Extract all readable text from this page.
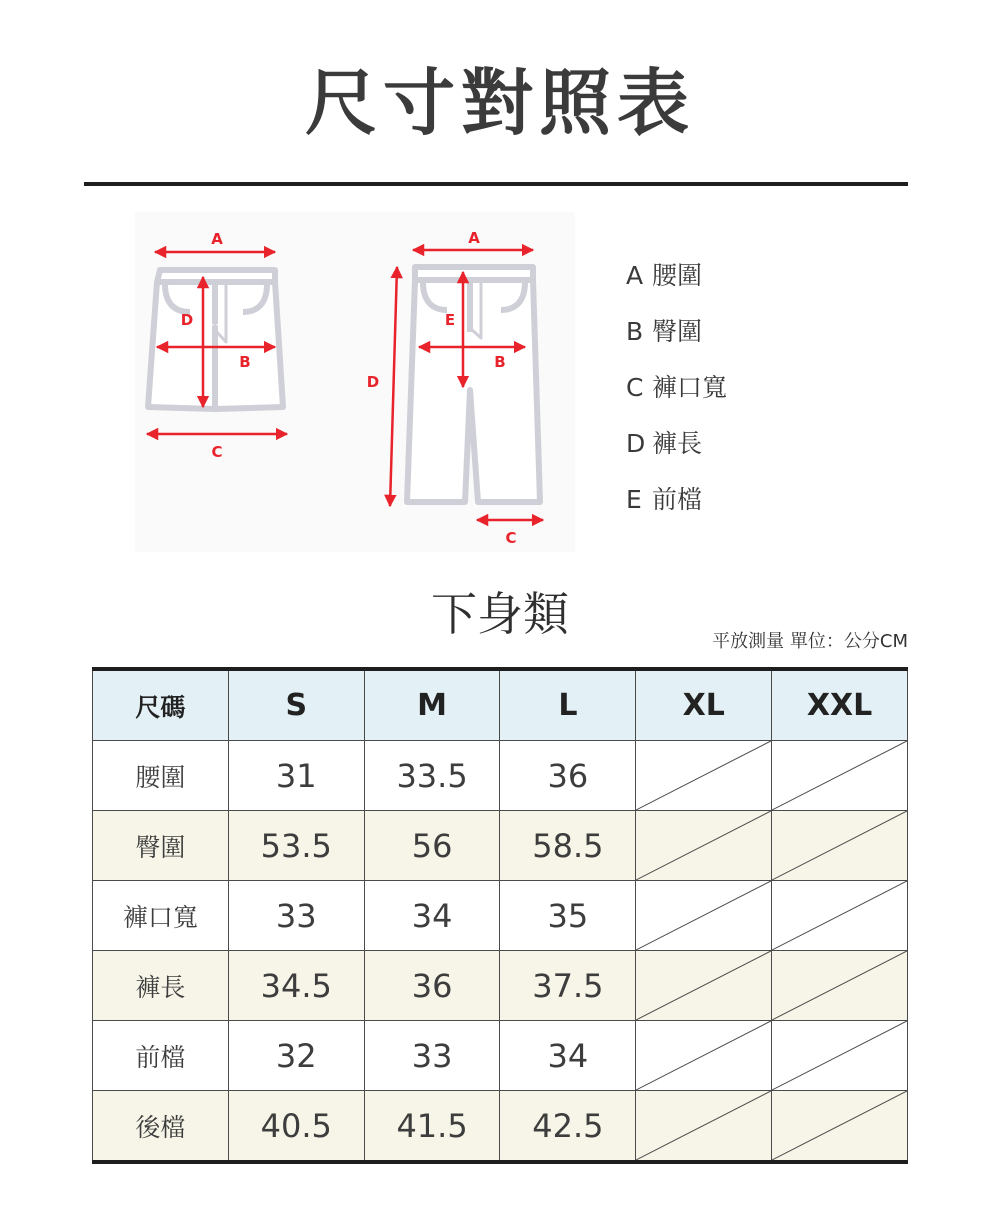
尺寸對照表
A
D
B
C
A
E
D
B
C
A 腰圍
B 臀圍
C 褲口寬
D 褲長
E 前檔
下身類
平放測量 單位：公分CM
尺碼	S	M	L	XL	XXL
腰圍	31	33.5	36	

臀圍	53.5	56	58.5	

褲口寬	33	34	35	

褲長	34.5	36	37.5	

前檔	32	33	34	

後檔	40.5	41.5	42.5	
